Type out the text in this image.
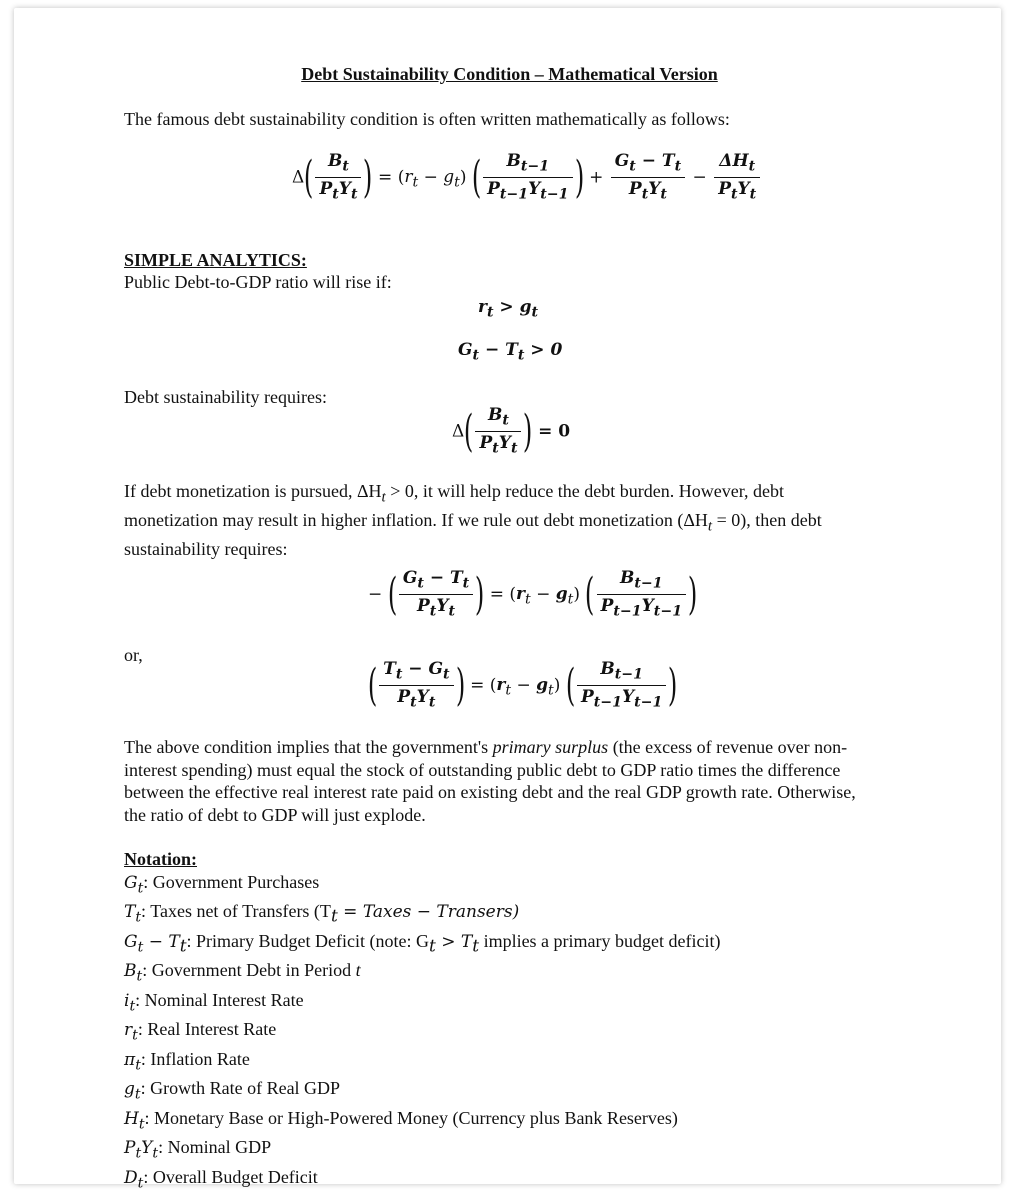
Debt Sustainability Condition – Mathematical Version
The famous debt sustainability condition is often written mathematically as follows:
$\Delta( \frac{B_t}{P_tY_t}$ ) = $(r_t - g_t)$ ( $\frac{B_{t-1}}{P_{t-1}Y_{t-1}}$ ) + $\frac{G_t - T_t}{P_tY_t} - \frac{\Delta H_t}{P_tY_t}$
SIMPLE ANALYTICS:
Public Debt-to-GDP ratio will rise if:
$r_t > g_t$
$G_t - T_t > 0$
Debt sustainability requires:
$\Delta( \frac{B_t}{P_tY_t}$ ) = 0
If debt monetization is pursued, $\Delta H_t > 0$, it will help reduce the debt burden. However, debt monetization may result in higher inflation. If we rule out debt monetization $(\Delta H_t = 0)$, then debt sustainability requires:
− ( $\frac{G_t - T_t}{P_tY_t}$ ) = $(r_t - g_t)$ ( $\frac{B_{t-1}}{P_{t-1}Y_{t-1}}$ )
or,
( $\frac{T_t - G_t}{P_tY_t}$ ) = $(r_t - g_t)$ ( $\frac{B_{t-1}}{P_{t-1}Y_{t-1}}$ )
The above condition implies that the government's primary surplus (the excess of revenue over non-interest spending) must equal the stock of outstanding public debt to GDP ratio times the difference between the effective real interest rate paid on existing debt and the real GDP growth rate. Otherwise, the ratio of debt to GDP will just explode.
Notation:
$G_t$: Government Purchases
$T_t$: Taxes net of Transfers ($T_t$ = Taxes − Transers)
$G_t - T_t$: Primary Budget Deficit (note: $G_t > T_t$ implies a primary budget deficit)
$B_t$: Government Debt in Period t
$i_t$: Nominal Interest Rate
$r_t$: Real Interest Rate
$\pi_t$: Inflation Rate
$g_t$: Growth Rate of Real GDP
$H_t$: Monetary Base or High-Powered Money (Currency plus Bank Reserves)
$P_tY_t$: Nominal GDP
$D_t$: Overall Budget Deficit
